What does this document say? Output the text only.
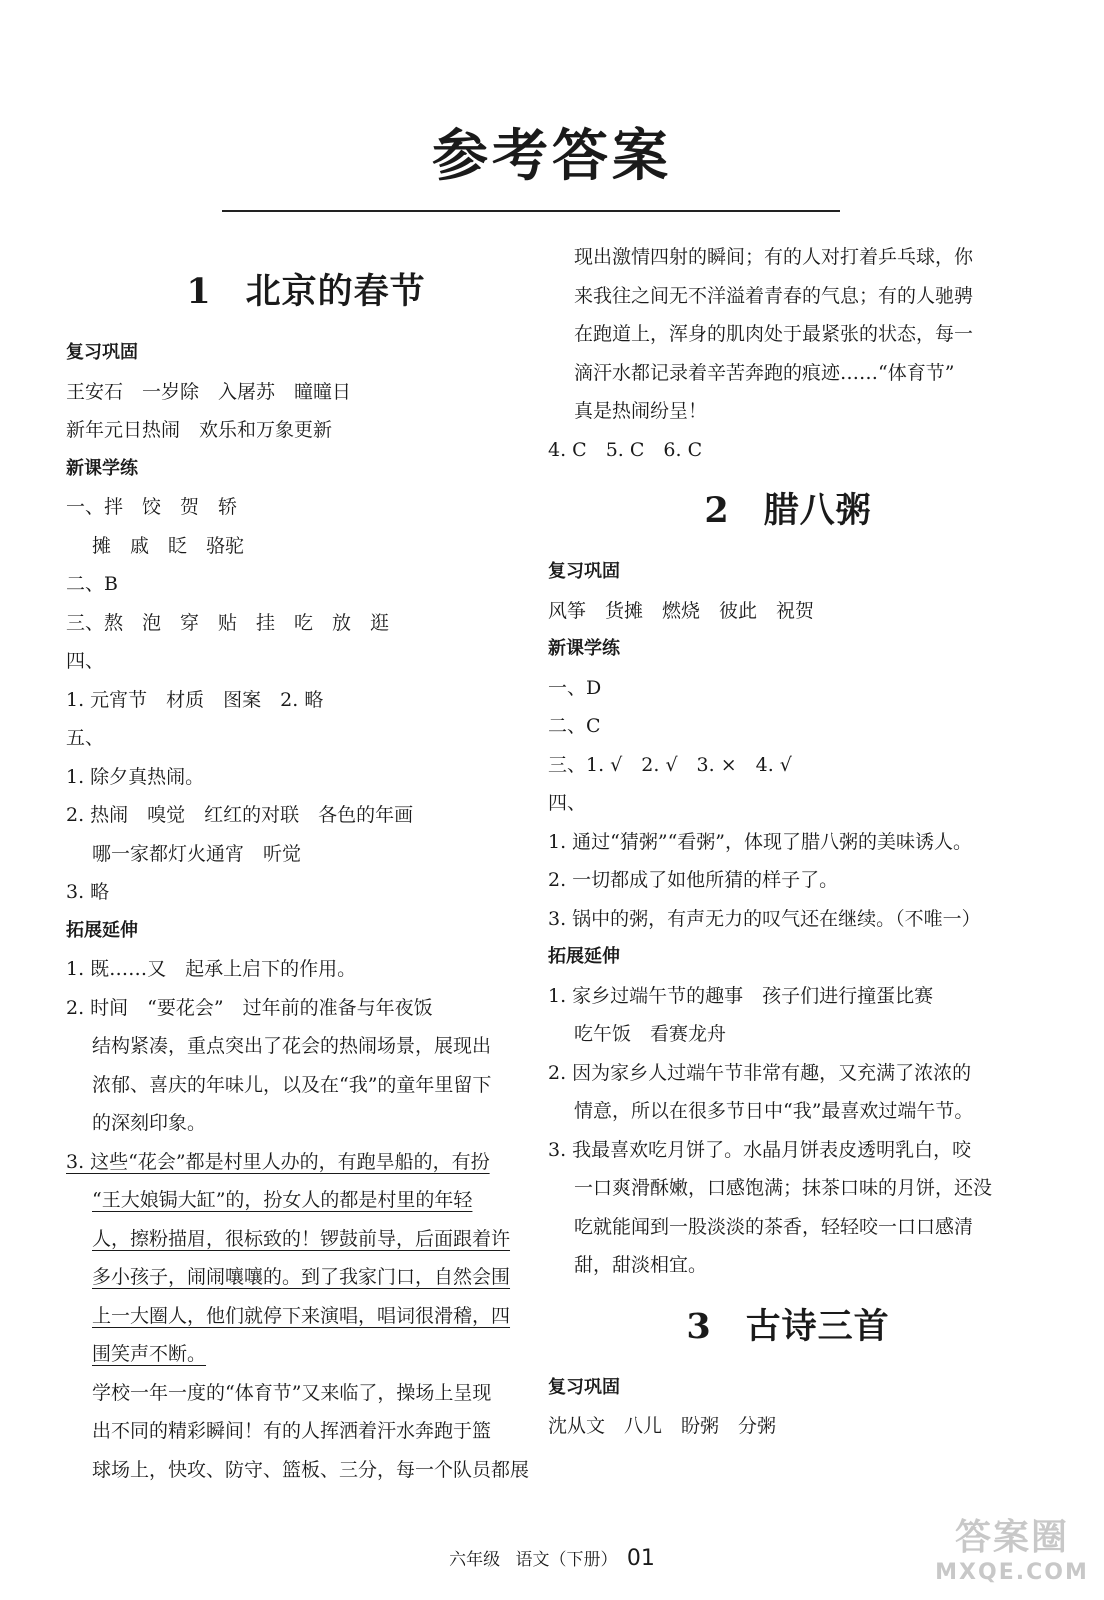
参考答案
1 北京的春节
复习巩固
王安石　一岁除　入屠苏　曈曈日
新年元日热闹　欢乐和万象更新
新课学练
一、拌　饺　贺　轿
摊　戚　眨　骆驼
二、B
三、熬　泡　穿　贴　挂　吃　放　逛
四、
1. 元宵节　材质　图案　2. 略
五、
1. 除夕真热闹。
2. 热闹　嗅觉　红红的对联　各色的年画
哪一家都灯火通宵　听觉
3. 略
拓展延伸
1. 既……又　起承上启下的作用。
2. 时间　“要花会”　过年前的准备与年夜饭
结构紧凑，重点突出了花会的热闹场景，展现出
浓郁、喜庆的年味儿，以及在“我”的童年里留下
的深刻印象。
3. 这些“花会”都是村里人办的，有跑旱船的，有扮
“王大娘锔大缸”的，扮女人的都是村里的年轻
人，擦粉描眉，很标致的！锣鼓前导，后面跟着许
多小孩子，闹闹嚷嚷的。到了我家门口，自然会围
上一大圈人，他们就停下来演唱，唱词很滑稽，四
围笑声不断。
学校一年一度的“体育节”又来临了，操场上呈现
出不同的精彩瞬间！有的人挥洒着汗水奔跑于篮
球场上，快攻、防守、篮板、三分，每一个队员都展
现出激情四射的瞬间；有的人对打着乒乓球，你
来我往之间无不洋溢着青春的气息；有的人驰骋
在跑道上，浑身的肌肉处于最紧张的状态，每一
滴汗水都记录着辛苦奔跑的痕迹……“体育节”
真是热闹纷呈！
4. C　5. C　6. C
2 腊八粥
复习巩固
风筝　货摊　燃烧　彼此　祝贺
新课学练
一、D
二、C
三、1. √　2. √　3. ×　4. √
四、
1. 通过“猜粥”“看粥”，体现了腊八粥的美味诱人。
2. 一切都成了如他所猜的样子了。
3. 锅中的粥，有声无力的叹气还在继续。（不唯一）
拓展延伸
1. 家乡过端午节的趣事　孩子们进行撞蛋比赛
吃午饭　看赛龙舟
2. 因为家乡人过端午节非常有趣，又充满了浓浓的
情意，所以在很多节日中“我”最喜欢过端午节。
3. 我最喜欢吃月饼了。水晶月饼表皮透明乳白，咬
一口爽滑酥嫩，口感饱满；抹茶口味的月饼，还没
吃就能闻到一股淡淡的茶香，轻轻咬一口口感清
甜，甜淡相宜。
3 古诗三首
复习巩固
沈从文　八儿　盼粥　分粥
六年级 语文（下册） 01
答案圈
MXQE.COM
